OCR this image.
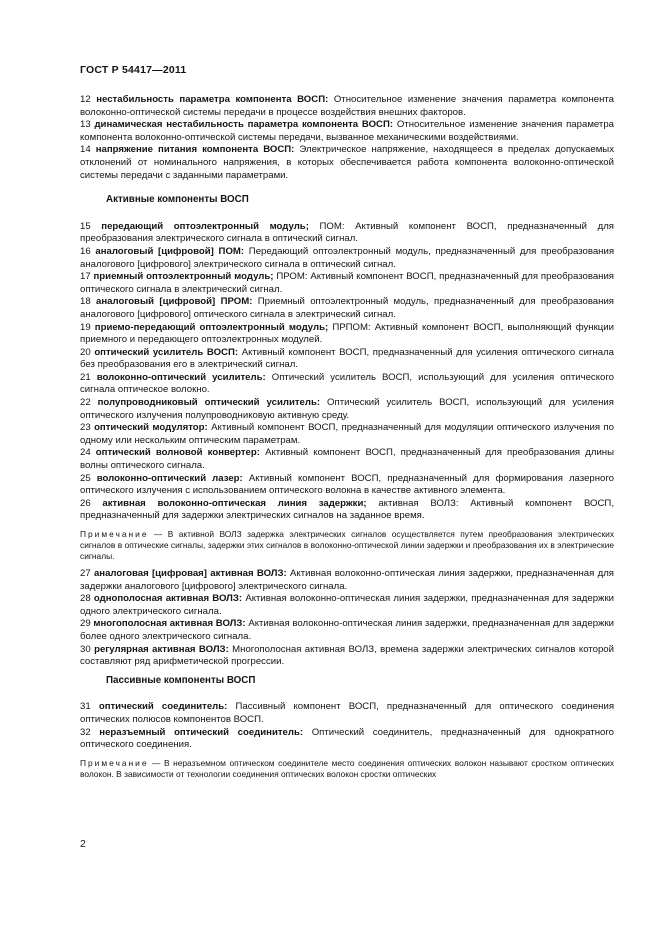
ГОСТ Р 54417—2011

12 нестабильность параметра компонента ВОСП: Относительное изменение значения параметра компонента волоконно-оптической системы передачи в процессе воздействия внешних факторов.

13 динамическая нестабильность параметра компонента ВОСП: Относительное изменение значения параметра компонента волоконно-оптической системы передачи, вызванное механическими воздействиями.

14 напряжение питания компонента ВОСП: Электрическое напряжение, находящееся в пределах допускаемых отклонений от номинального напряжения, в которых обеспечивается работа компонента волоконно-оптической системы передачи с заданными параметрами.

Активные компоненты ВОСП

15 передающий оптоэлектронный модуль; ПОМ: Активный компонент ВОСП, предназначенный для преобразования электрического сигнала в оптический сигнал.

16 аналоговый [цифровой] ПОМ: Передающий оптоэлектронный модуль, предназначенный для преобразования аналогового [цифрового] электрического сигнала в оптический сигнал.

17 приемный оптоэлектронный модуль; ПРОМ: Активный компонент ВОСП, предназначенный для преобразования оптического сигнала в электрический сигнал.

18 аналоговый [цифровой] ПРОМ: Приемный оптоэлектронный модуль, предназначенный для преобразования аналогового [цифрового] оптического сигнала в электрический сигнал.

19 приемо-передающий оптоэлектронный модуль; ПРПОМ: Активный компонент ВОСП, выполняющий функции приемного и передающего оптоэлектронных модулей.

20 оптический усилитель ВОСП: Активный компонент ВОСП, предназначенный для усиления оптического сигнала без преобразования его в электрический сигнал.

21 волоконно-оптический усилитель: Оптический усилитель ВОСП, использующий для усиления оптического сигнала оптическое волокно.

22 полупроводниковый оптический усилитель: Оптический усилитель ВОСП, использующий для усиления оптического излучения полупроводниковую активную среду.

23 оптический модулятор: Активный компонент ВОСП, предназначенный для модуляции оптического излучения по одному или нескольким оптическим параметрам.

24 оптический волновой конвертер: Активный компонент ВОСП, предназначенный для преобразования длины волны оптического сигнала.

25 волоконно-оптический лазер: Активный компонент ВОСП, предназначенный для формирования лазерного оптического излучения с использованием оптического волокна в качестве активного элемента.

26 активная волоконно-оптическая линия задержки; активная ВОЛЗ: Активный компонент ВОСП, предназначенный для задержки электрических сигналов на заданное время.

Примечание — В активной ВОЛЗ задержка электрических сигналов осуществляется путем преобразования электрических сигналов в оптические сигналы, задержки этих сигналов в волоконно-оптической линии задержки и преобразования их в электрические сигналы.

27 аналоговая [цифровая] активная ВОЛЗ: Активная волоконно-оптическая линия задержки, предназначенная для задержки аналогового [цифрового] электрического сигнала.

28 однополосная активная ВОЛЗ: Активная волоконно-оптическая линия задержки, предназначенная для задержки одного электрического сигнала.

29 многополосная активная ВОЛЗ: Активная волоконно-оптическая линия задержки, предназначенная для задержки более одного электрического сигнала.

30 регулярная активная ВОЛЗ: Многополосная активная ВОЛЗ, времена задержки электрических сигналов которой составляют ряд арифметической прогрессии.

Пассивные компоненты ВОСП

31 оптический соединитель: Пассивный компонент ВОСП, предназначенный для оптического соединения оптических полюсов компонентов ВОСП.

32 неразъемный оптический соединитель: Оптический соединитель, предназначенный для однократного оптического соединения.

Примечание — В неразъемном оптическом соединителе место соединения оптических волокон называют сростком оптических волокон. В зависимости от технологии соединения оптических волокон сростки оптических
2
